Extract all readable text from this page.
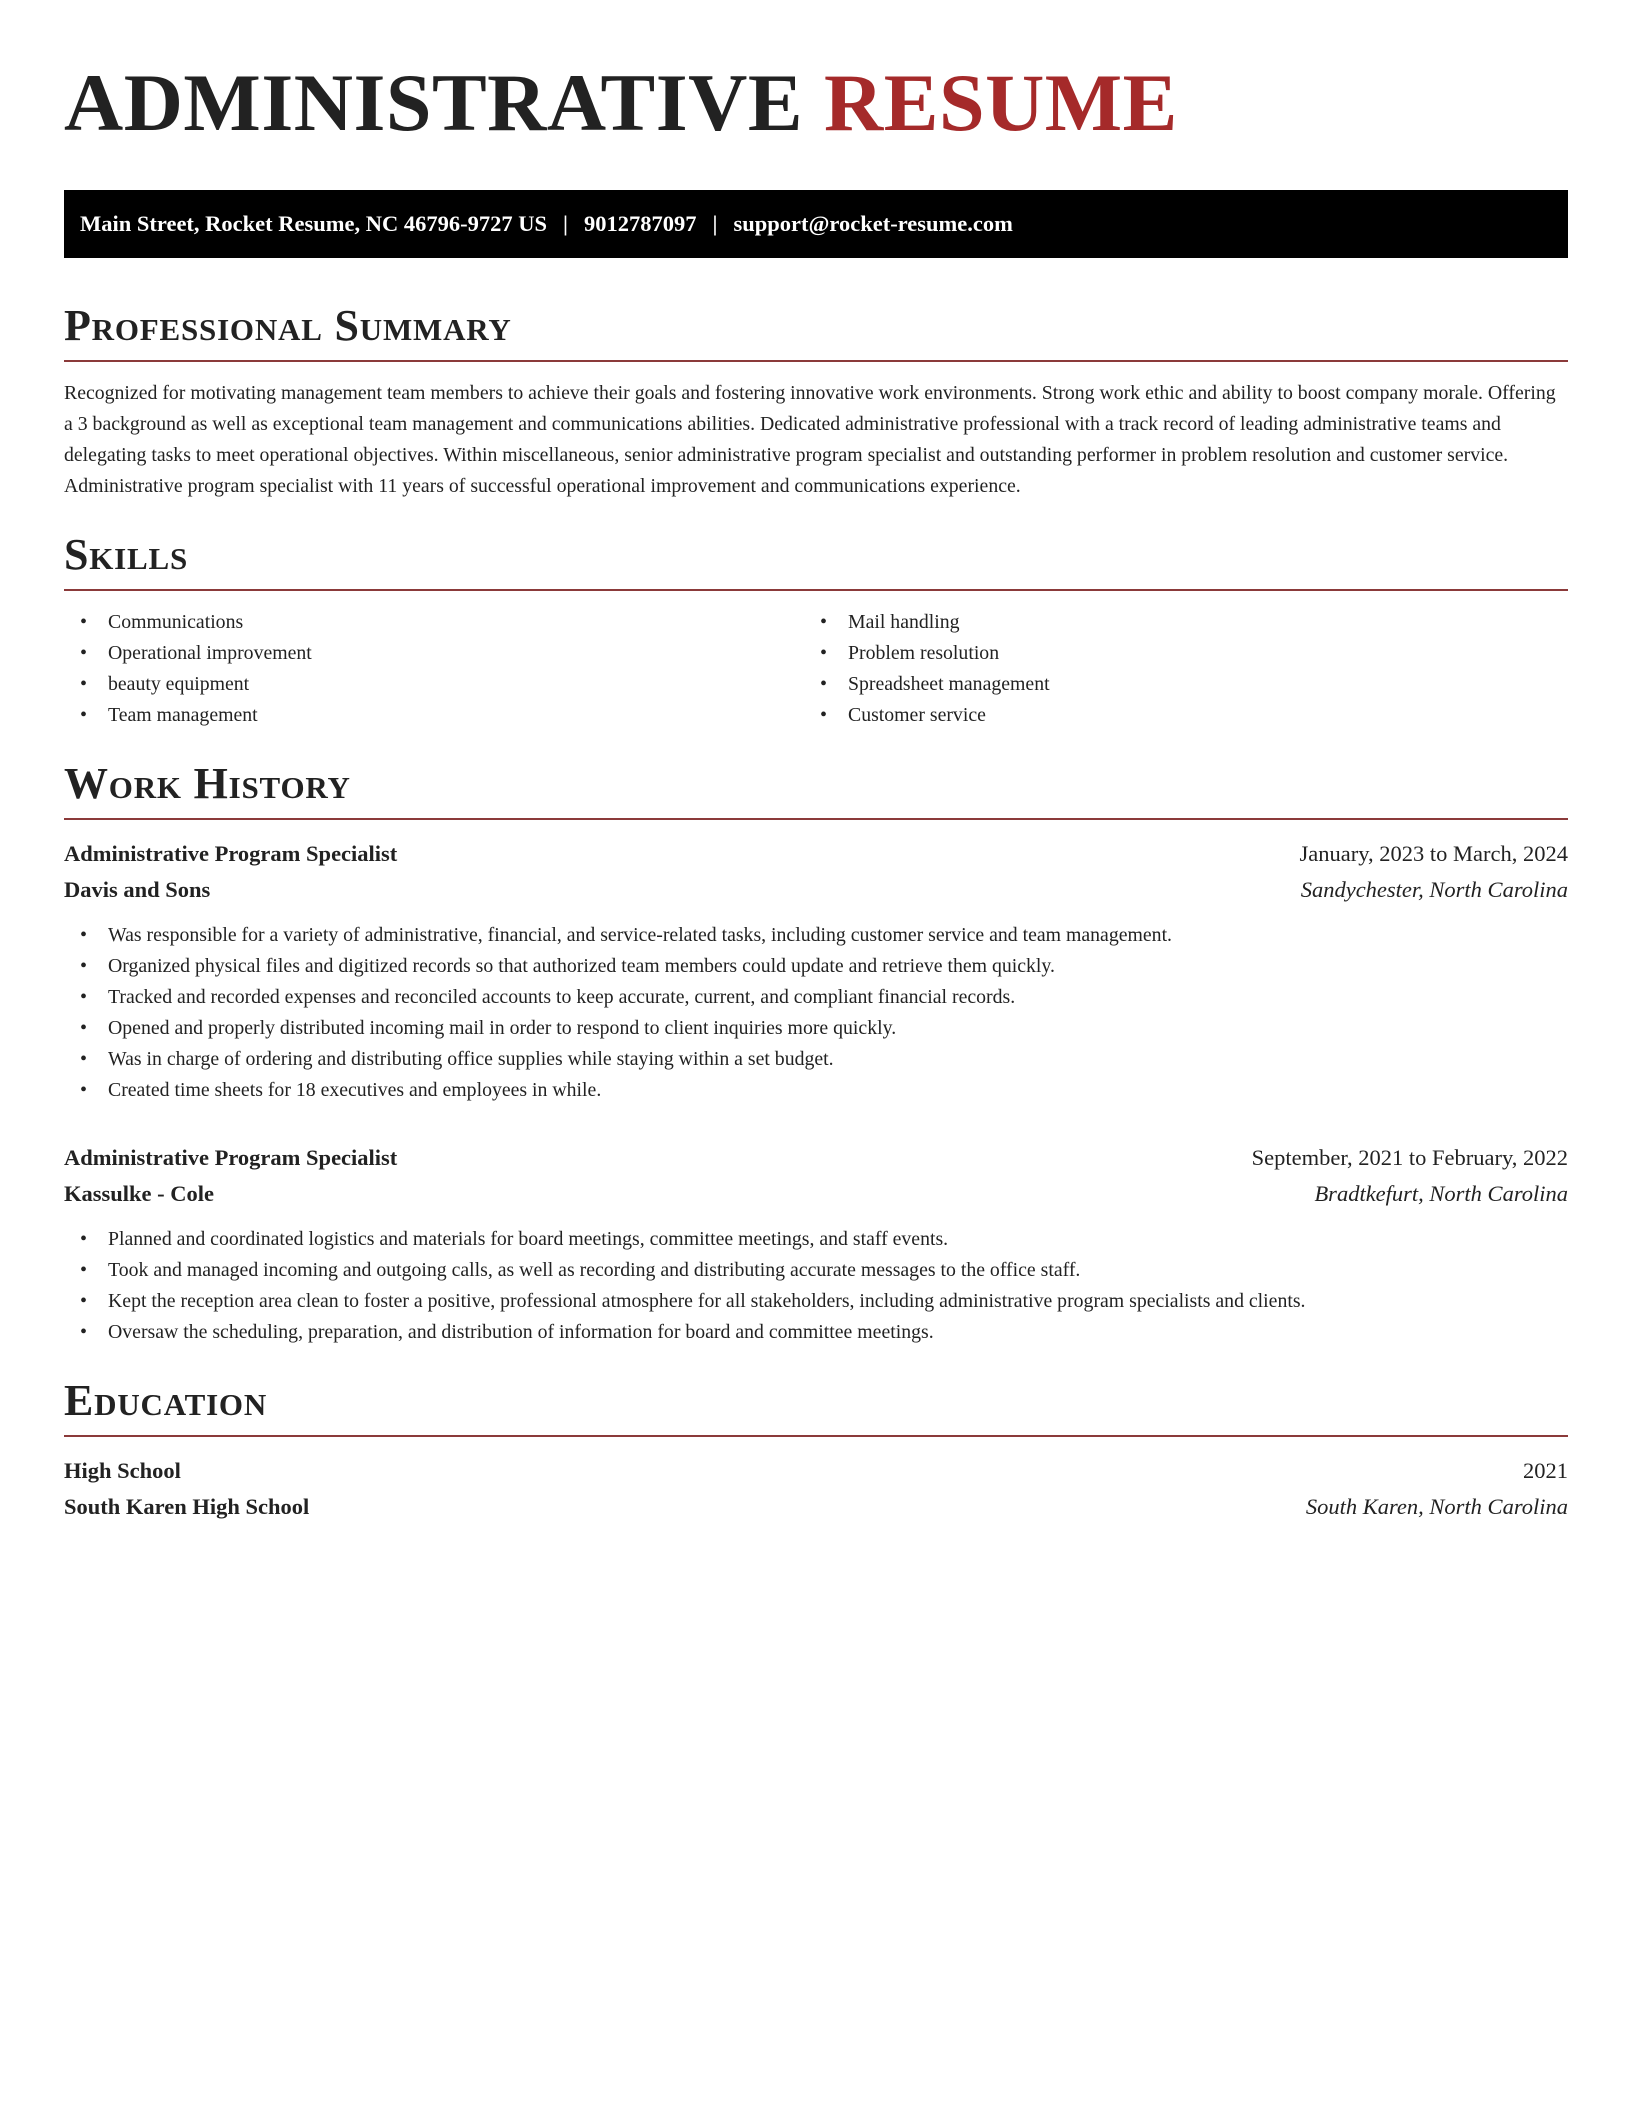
ADMINISTRATIVE RESUME
Main Street, Rocket Resume, NC 46796-9727 US | 9012787097 | support@rocket-resume.com
Professional Summary

Recognized for motivating management team members to achieve their goals and fostering innovative work environments. Strong work ethic and ability to boost company morale. Offering a 3 background as well as exceptional team management and communications abilities. Dedicated administrative professional with a track record of leading administrative teams and delegating tasks to meet operational objectives. Within miscellaneous, senior administrative program specialist and outstanding performer in problem resolution and customer service. Administrative program specialist with 11 years of successful operational improvement and communications experience.

Skills
• Communications
• Operational improvement
• beauty equipment
• Team management
• Mail handling
• Problem resolution
• Spreadsheet management
• Customer service
Work History
Administrative Program Specialist	January, 2023 to March, 2024
Davis and Sons	Sandychester, North Carolina
• Was responsible for a variety of administrative, financial, and service-related tasks, including customer service and team management.
• Organized physical files and digitized records so that authorized team members could update and retrieve them quickly.
• Tracked and recorded expenses and reconciled accounts to keep accurate, current, and compliant financial records.
• Opened and properly distributed incoming mail in order to respond to client inquiries more quickly.
• Was in charge of ordering and distributing office supplies while staying within a set budget.
• Created time sheets for 18 executives and employees in while.
Administrative Program Specialist	September, 2021 to February, 2022
Kassulke - Cole	Bradtkefurt, North Carolina
• Planned and coordinated logistics and materials for board meetings, committee meetings, and staff events.
• Took and managed incoming and outgoing calls, as well as recording and distributing accurate messages to the office staff.
• Kept the reception area clean to foster a positive, professional atmosphere for all stakeholders, including administrative program specialists and clients.
• Oversaw the scheduling, preparation, and distribution of information for board and committee meetings.
Education
High School	2021
South Karen High School	South Karen, North Carolina
